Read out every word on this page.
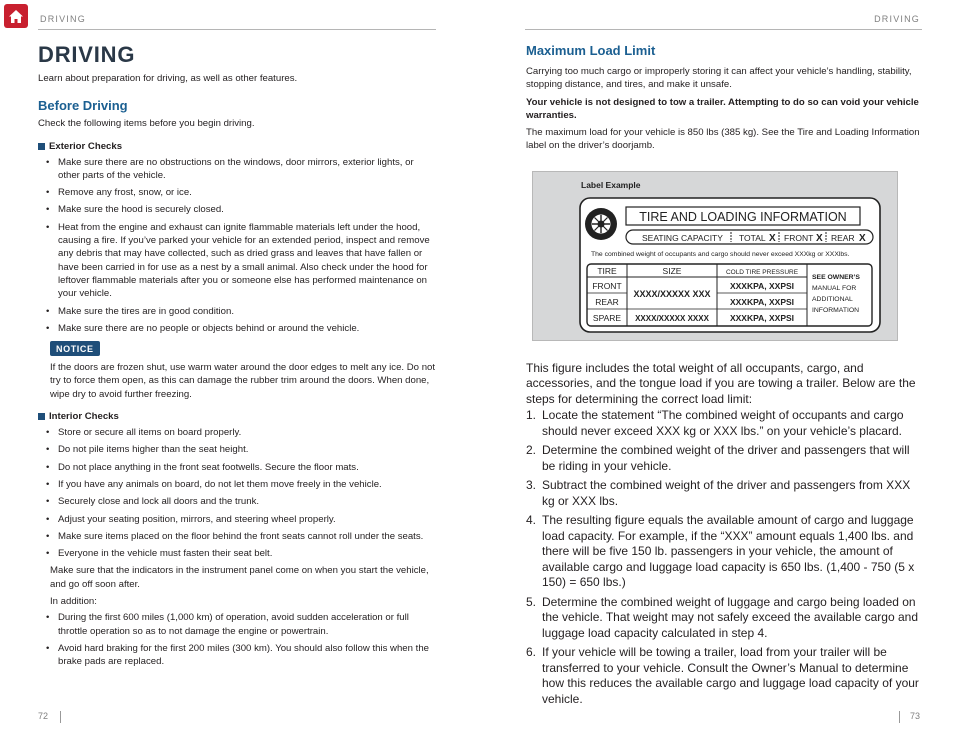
DRIVING
DRIVING

Learn about preparation for driving, as well as other features.

Before Driving

Check the following items before you begin driving.

Exterior Checks
• Make sure there are no obstructions on the windows, door mirrors, exterior lights, or other parts of the vehicle.
• Remove any frost, snow, or ice.
• Make sure the hood is securely closed.
• Heat from the engine and exhaust can ignite flammable materials left under the hood, causing a fire. If you’ve parked your vehicle for an extended period, inspect and remove any debris that may have collected, such as dried grass and leaves that have fallen or have been carried in for use as a nest by a small animal. Also check under the hood for leftover flammable materials after you or someone else has performed maintenance on your vehicle.
• Make sure the tires are in good condition.
• Make sure there are no people or objects behind or around the vehicle.
NOTICE

If the doors are frozen shut, use warm water around the door edges to melt any ice. Do not try to force them open, as this can damage the rubber trim around the doors. When done, wipe dry to avoid further freezing.

Interior Checks
• Store or secure all items on board properly.
• Do not pile items higher than the seat height.
• Do not place anything in the front seat footwells. Secure the floor mats.
• If you have any animals on board, do not let them move freely in the vehicle.
• Securely close and lock all doors and the trunk.
• Adjust your seating position, mirrors, and steering wheel properly.
• Make sure items placed on the floor behind the front seats cannot roll under the seats.
• Everyone in the vehicle must fasten their seat belt.

Make sure that the indicators in the instrument panel come on when you start the vehicle, and go off soon after.

In addition:

• During the first 600 miles (1,000 km) of operation, avoid sudden acceleration or full throttle operation so as to not damage the engine or powertrain.
• Avoid hard braking for the first 200 miles (300 km). You should also follow this when the brake pads are replaced.
72
DRIVING
Maximum Load Limit

Carrying too much cargo or improperly storing it can affect your vehicle’s handling, stability, stopping distance, and tires, and make it unsafe.

Your vehicle is not designed to tow a trailer. Attempting to do so can void your vehicle warranties.

The maximum load for your vehicle is 850 lbs (385 kg). See the Tire and Loading Information label on the driver’s doorjamb.

Label Example
TIRE AND LOADING INFORMATION
SEATING CAPACITY TOTAL X FRONT X REAR X
The combined weight of occupants and cargo should never exceed XXXkg or XXXlbs.
TIRE	SIZE	COLD TIRE PRESSURE
FRONT
REAR
SPARE
XXXX/XXXXX XXX
XXXX/XXXXX XXXX
XXXKPA, XXPSI
XXXKPA, XXPSI
XXXKPA, XXPSI
SEE OWNER’S
MANUAL FOR
ADDITIONAL
INFORMATION

This figure includes the total weight of all occupants, cargo, and accessories, and the tongue load if you are towing a trailer. Below are the steps for determining the correct load limit:

1. Locate the statement “The combined weight of occupants and cargo should never exceed XXX kg or XXX lbs.” on your vehicle’s placard.
2. Determine the combined weight of the driver and passengers that will be riding in your vehicle.
3. Subtract the combined weight of the driver and passengers from XXX kg or XXX lbs.
4. The resulting figure equals the available amount of cargo and luggage load capacity. For example, if the “XXX” amount equals 1,400 lbs. and there will be five 150 lb. passengers in your vehicle, the amount of available cargo and luggage load capacity is 650 lbs. (1,400 - 750 (5 x 150) = 650 lbs.)
5. Determine the combined weight of luggage and cargo being loaded on the vehicle. That weight may not safely exceed the available cargo and luggage load capacity calculated in step 4.
6. If your vehicle will be towing a trailer, load from your trailer will be transferred to your vehicle. Consult the Owner’s Manual to determine how this reduces the available cargo and luggage load capacity of your vehicle.
73
